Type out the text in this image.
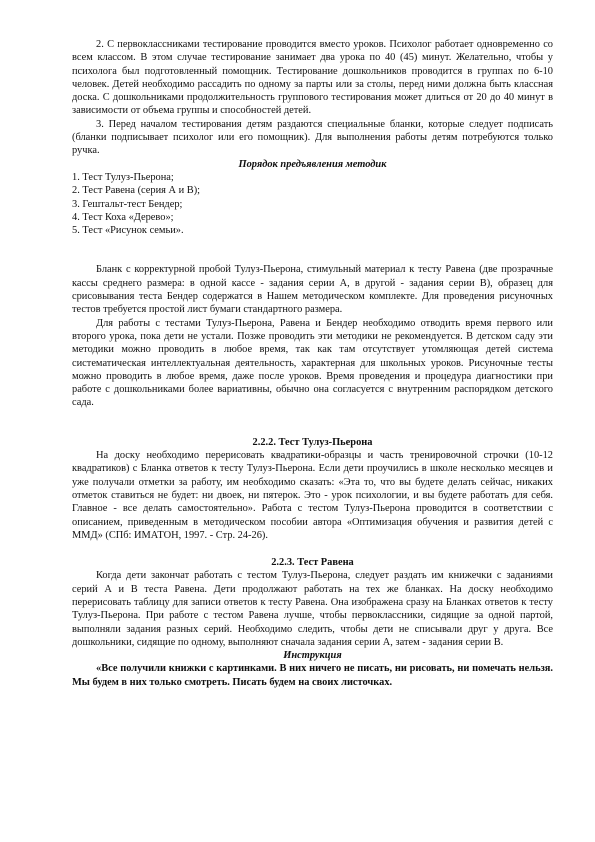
2. С первоклассниками тестирование проводится вместо уроков. Психолог работает одновременно со всем классом. В этом случае тестирование занимает два урока по 40 (45) минут. Желательно, чтобы у психолога был подготовленный помощник. Тестирование дошкольников проводится в группах по 6-10 человек. Детей необходимо рассадить по одному за парты или за столы, перед ними должна быть классная доска. С дошкольниками продолжительность группового тестирования может длиться от 20 до 40 минут в зависимости от объема группы и способностей детей.

3. Перед началом тестирования детям раздаются специальные бланки, которые следует подписать (бланки подписывает психолог или его помощник). Для выполнения работы детям потребуются только ручка.

Порядок предъявления методик

1. Тест Тулуз-Пьерона;
2. Тест Равена (серия А и В);
3. Гештальт-тест Бендер;
4. Тест Коха «Дерево»;
5. Тест «Рисунок семьи».

Бланк с корректурной пробой Тулуз-Пьерона, стимульный материал к тесту Равена (две прозрачные кассы среднего размера: в одной кассе - задания серии А, в другой - задания серии В), образец для срисовывания теста Бендер содержатся в Нашем методическом комплекте. Для проведения рисуночных тестов требуется простой лист бумаги стандартного размера.

Для работы с тестами Тулуз-Пьерона, Равена и Бендер необходимо отводить время первого или второго урока, пока дети не устали. Позже проводить эти методики не рекомендуется. В детском саду эти методики можно проводить в любое время, так как там отсутствует утомляющая детей система систематическая интеллектуальная деятельность, характерная для школьных уроков. Рисуночные тесты можно проводить в любое время, даже после уроков. Время проведения и процедура диагностики при работе с дошкольниками более вариативны, обычно она согласуется с внутренним распорядком детского сада.

2.2.2. Тест Тулуз-Пьерона

На доску необходимо перерисовать квадратики-образцы и часть тренировочной строчки (10-12 квадратиков) с Бланка ответов к тесту Тулуз-Пьерона. Если дети проучились в школе несколько месяцев и уже получали отметки за работу, им необходимо сказать: «Эта то, что вы будете делать сейчас, никаких отметок ставиться не будет: ни двоек, ни пятерок. Это - урок психологии, и вы будете работать для себя. Главное - все делать самостоятельно». Работа с тестом Тулуз-Пьерона проводится в соответствии с описанием, приведенным в методическом пособии автора «Оптимизация обучения и развития детей с ММД» (СПб: ИМАТОН, 1997. - Стр. 24-26).

2.2.3. Тест Равена

Когда дети закончат работать с тестом Тулуз-Пьерона, следует раздать им книжечки с заданиями серий А и В теста Равена. Дети продолжают работать на тех же бланках. На доску необходимо перерисовать таблицу для записи ответов к тесту Равена. Она изображена сразу на Бланках ответов к тесту Тулуз-Пьерона. При работе с тестом Равена лучше, чтобы первоклассники, сидящие за одной партой, выполняли задания разных серий. Необходимо следить, чтобы дети не списывали друг у друга. Все дошкольники, сидящие по одному, выполняют сначала задания серии А, затем - задания серии В.

Инструкция

«Все получили книжки с картинками. В них ничего не писать, ни рисовать, ни помечать нельзя. Мы будем в них только смотреть. Писать будем на своих листочках.
